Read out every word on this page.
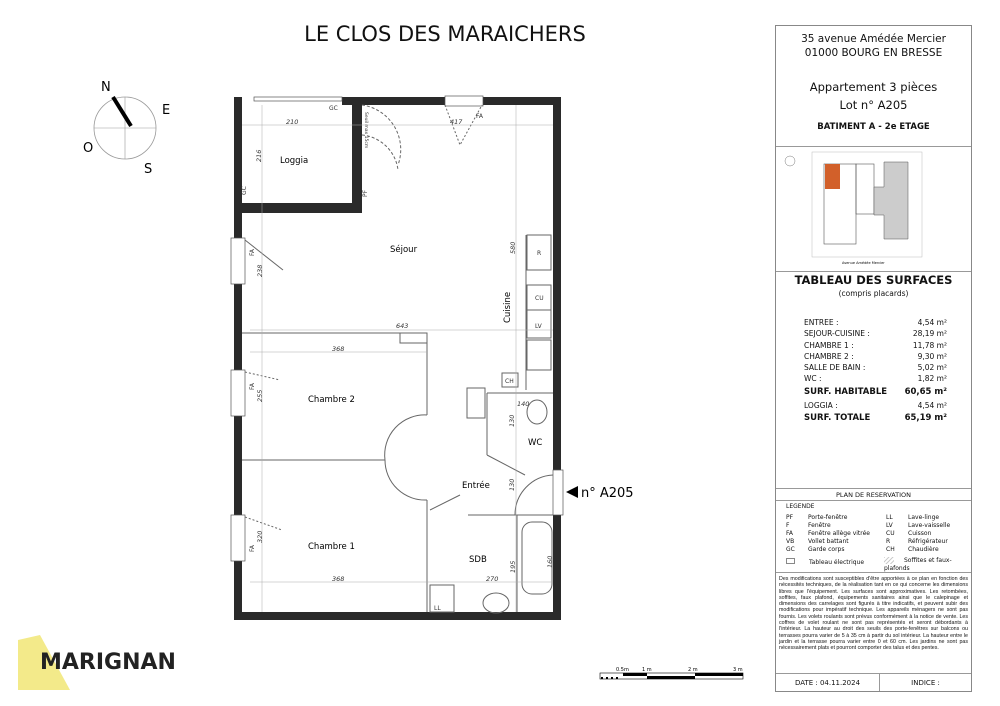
LE CLOS DES MARAICHERS
N
E
S
O
Loggia
Séjour
Cuisine
Chambre 2
Chambre 1
Entrée
WC
SDB
210
216
417
238
643
580
368
255
140
130
130
320
368	270
195	160
GC
GC
FA
FA
FA
FA
PF
Seuil max 15cm
R
CU
LV
CH
LL
n° A205
0.5m	1 m	2 m	3 m
MARIGNAN
35 avenue Amédée Mercier
01000 BOURG EN BRESSE
Appartement 3 pièces
Lot n° A205
BATIMENT A - 2e ETAGE
Avenue Amédée Mercier
TABLEAU DES SURFACES
(compris placards)
ENTREE :	4,54 m²
SEJOUR-CUISINE :	28,19 m²
CHAMBRE 1 :	11,78 m²
CHAMBRE 2 :	9,30 m²
SALLE DE BAIN :	5,02 m²
WC :	1,82 m²
SURF. HABITABLE 60,65 m²
LOGGIA :	4,54 m²
SURF. TOTALE	65,19 m²
PLAN DE RESERVATION
LEGENDE
PF Porte-fenêtre
F	Fenêtre
FA Fenêtre allège vitrée
VB Vollet battant
GC Garde corps
LL	Lave-linge
LV	Lave-vaisselle
CU Cuisson
R	Réfrigérateur
CH Chaudière
Tableau électrique	Soffites et faux-plafonds
Des modifications sont susceptibles d'être apportées à ce plan en fonction des nécessités techniques, de la réalisation tant en ce qui concerne les dimensions libres que l'équipement. Les surfaces sont approximatives. Les retombées, soffites, faux plafond, équipements sanitaires ainsi que le calepinage et dimensions des carrelages sont figurés à titre indicatifs, et peuvent subir des modifications pour impératif technique. Les appareils ménagers ne sont pas fournis. Les volets roulants sont prévus conformément à la notice de vente. Les coffres de volet roulant ne sont pas représentés et seront débordants à l'intérieur. La hauteur au droit des seuils des porte-fenêtres sur balcons ou terrasses pourra varier de 5 à 35 cm à partir du sol intérieur. La hauteur entre le jardin et la terrasse pourra varier entre 0 et 60 cm. Les jardins ne sont pas nécessairement plats et pourront comporter des talus et des pentes.
DATE : 04.11.2024	INDICE :
